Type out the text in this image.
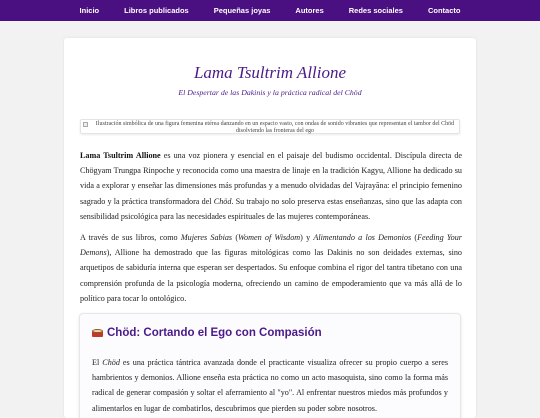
Inicio	Libros publicados	Pequeñas joyas	Autores	Redes sociales	Contacto
Lama Tsultrim Allione
El Despertar de las Dakinis y la práctica radical del Chöd
Ilustración simbólica de una figura femenina etérea danzando en un espacio vasto, con ondas de sonido vibrantes que representan el tambor del Chöd disolviendo las fronteras del ego

Lama Tsultrim Allione es una voz pionera y esencial en el paisaje del budismo occidental. Discípula directa de Chögyam Trungpa Rinpoche y reconocida como una maestra de linaje en la tradición Kagyu, Allione ha dedicado su vida a explorar y enseñar las dimensiones más profundas y a menudo olvidadas del Vajrayāna: el principio femenino sagrado y la práctica transformadora del Chöd. Su trabajo no solo preserva estas enseñanzas, sino que las adapta con sensibilidad psicológica para las necesidades espirituales de las mujeres contemporáneas.

A través de sus libros, como Mujeres Sabias (Women of Wisdom) y Alimentando a los Demonios (Feeding Your Demons), Allione ha demostrado que las figuras mitológicas como las Dakinis no son deidades externas, sino arquetipos de sabiduría interna que esperan ser despertados. Su enfoque combina el rigor del tantra tibetano con una comprensión profunda de la psicología moderna, ofreciendo un camino de empoderamiento que va más allá de lo político para tocar lo ontológico.

Chöd: Cortando el Ego con Compasión

El Chöd es una práctica tántrica avanzada donde el practicante visualiza ofrecer su propio cuerpo a seres hambrientos y demonios. Allione enseña esta práctica no como un acto masoquista, sino como la forma más radical de generar compasión y soltar el aferramiento al "yo". Al enfrentar nuestros miedos más profundos y alimentarlos en lugar de combatirlos, descubrimos que pierden su poder sobre nosotros.
